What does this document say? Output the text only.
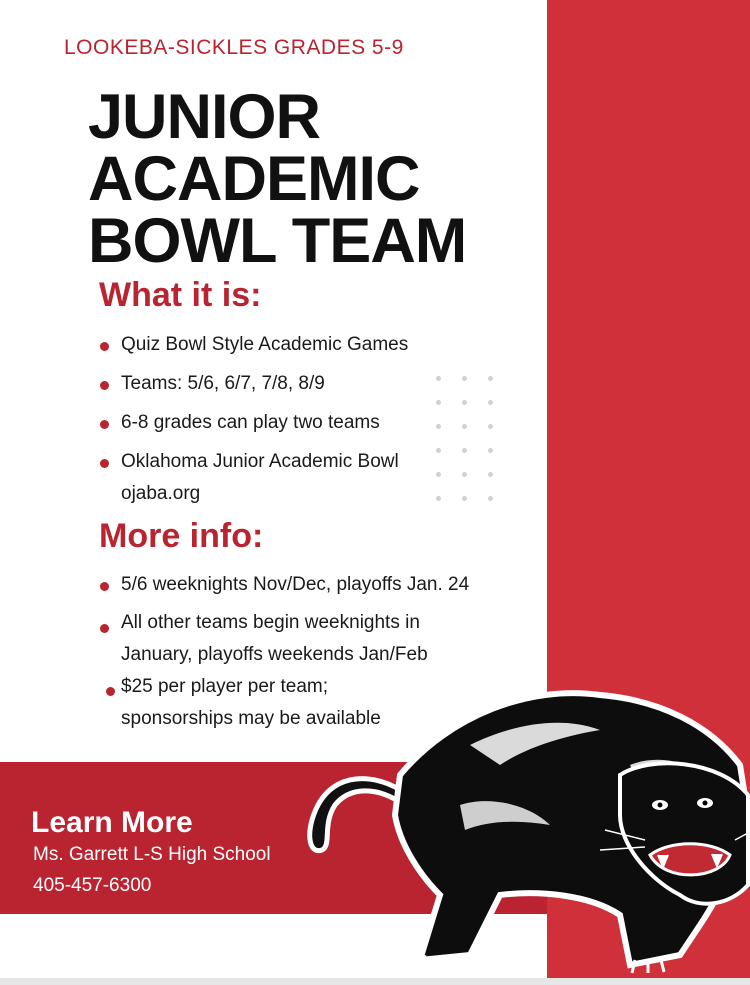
LOOKEBA-SICKLES GRADES 5-9
JUNIOR
ACADEMIC
BOWL TEAM
What it is:
Quiz Bowl Style Academic Games
Teams: 5/6, 6/7, 7/8, 8/9
6-8 grades can play two teams
Oklahoma Junior Academic Bowl
ojaba.org
More info:
5/6 weeknights Nov/Dec, playoffs Jan. 24
All other teams begin weeknights in
January, playoffs weekends Jan/Feb
$25 per player per team;
sponsorships may be available
Learn More
Ms. Garrett L-S High School
405-457-6300
